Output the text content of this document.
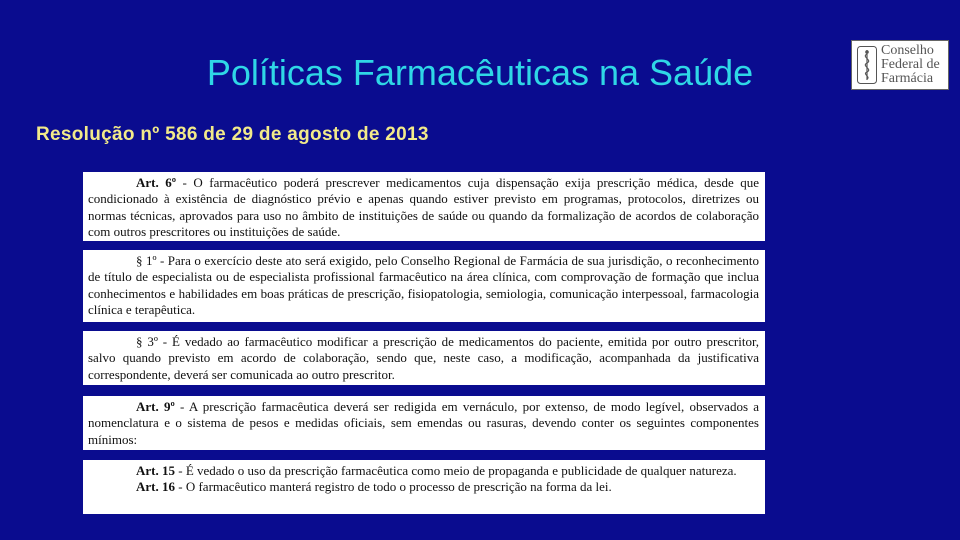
Políticas Farmacêuticas na Saúde
Conselho
Federal de
Farmácia
Resolução nº 586 de 29 de agosto de 2013

Art. 6º - O farmacêutico poderá prescrever medicamentos cuja dispensação exija prescrição médica, desde que condicionado à existência de diagnóstico prévio e apenas quando estiver previsto em programas, protocolos, diretrizes ou normas técnicas, aprovados para uso no âmbito de instituições de saúde ou quando da formalização de acordos de colaboração com outros prescritores ou instituições de saúde.

§ 1º - Para o exercício deste ato será exigido, pelo Conselho Regional de Farmácia de sua jurisdição, o reconhecimento de título de especialista ou de especialista profissional farmacêutico na área clínica, com comprovação de formação que inclua conhecimentos e habilidades em boas práticas de prescrição, fisiopatologia, semiologia, comunicação interpessoal, farmacologia clínica e terapêutica.

§ 3º - É vedado ao farmacêutico modificar a prescrição de medicamentos do paciente, emitida por outro prescritor, salvo quando previsto em acordo de colaboração, sendo que, neste caso, a modificação, acompanhada da justificativa correspondente, deverá ser comunicada ao outro prescritor.

Art. 9º - A prescrição farmacêutica deverá ser redigida em vernáculo, por extenso, de modo legível, observados a nomenclatura e o sistema de pesos e medidas oficiais, sem emendas ou rasuras, devendo conter os seguintes componentes mínimos:

Art. 15 - É vedado o uso da prescrição farmacêutica como meio de propaganda e publicidade de qualquer natureza.

Art. 16 - O farmacêutico manterá registro de todo o processo de prescrição na forma da lei.
